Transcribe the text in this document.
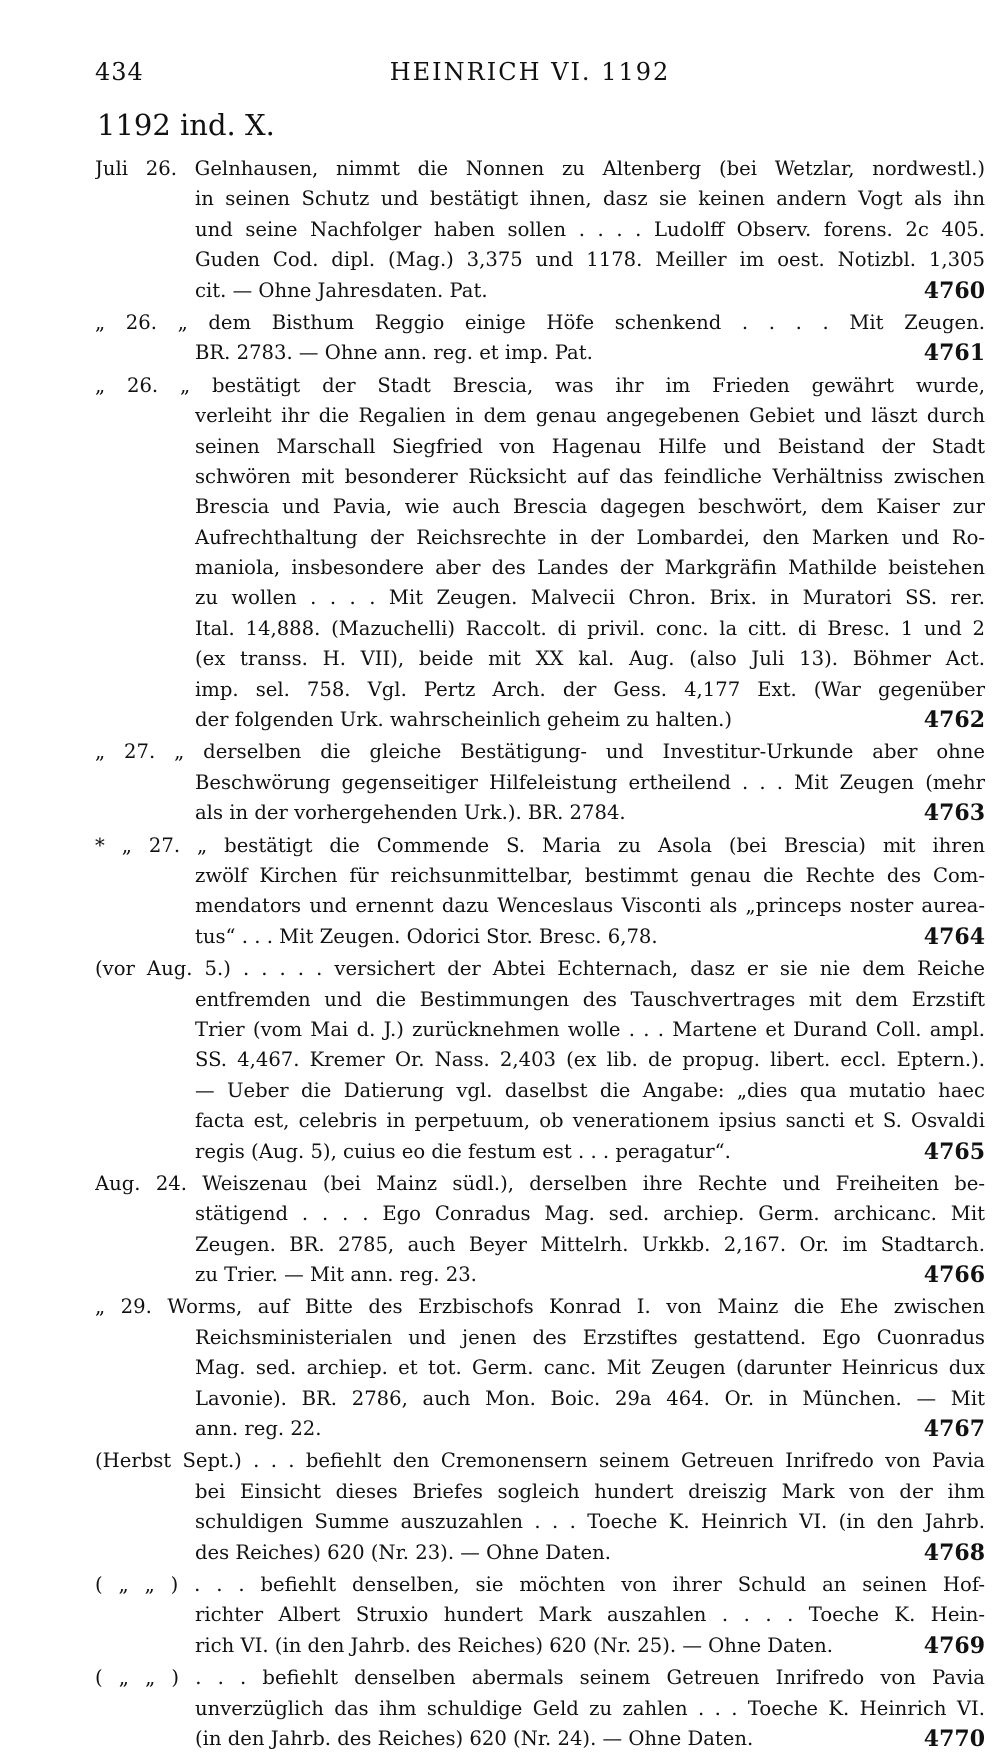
434	HEINRICH VI. 1192
1192 ind. X.
Juli 26. Gelnhausen, nimmt die Nonnen zu Altenberg (bei Wetzlar, nordwestl.)
in seinen Schutz und bestätigt ihnen, dasz sie keinen andern Vogt als ihn
und seine Nachfolger haben sollen . . . . Ludolff Observ. forens. 2c 405.
Guden Cod. dipl. (Mag.) 3,375 und 1178. Meiller im oest. Notizbl. 1,305
cit. — Ohne Jahresdaten. Pat.	4760
„ 26. „ dem Bisthum Reggio einige Höfe schenkend . . . . Mit Zeugen.
BR. 2783. — Ohne ann. reg. et imp. Pat.	4761
„ 26. „ bestätigt der Stadt Brescia, was ihr im Frieden gewährt wurde,
verleiht ihr die Regalien in dem genau angegebenen Gebiet und läszt durch
seinen Marschall Siegfried von Hagenau Hilfe und Beistand der Stadt
schwören mit besonderer Rücksicht auf das feindliche Verhältniss zwischen
Brescia und Pavia, wie auch Brescia dagegen beschwört, dem Kaiser zur
Aufrechthaltung der Reichsrechte in der Lombardei, den Marken und Ro-
maniola, insbesondere aber des Landes der Markgräfin Mathilde beistehen
zu wollen . . . . Mit Zeugen. Malvecii Chron. Brix. in Muratori SS. rer.
Ital. 14,888. (Mazuchelli) Raccolt. di privil. conc. la citt. di Bresc. 1 und 2
(ex transs. H. VII), beide mit XX kal. Aug. (also Juli 13). Böhmer Act.
imp. sel. 758. Vgl. Pertz Arch. der Gess. 4,177 Ext. (War gegenüber
der folgenden Urk. wahrscheinlich geheim zu halten.)	4762
„ 27. „ derselben die gleiche Bestätigung- und Investitur-Urkunde aber ohne
Beschwörung gegenseitiger Hilfeleistung ertheilend . . . Mit Zeugen (mehr
als in der vorhergehenden Urk.). BR. 2784.	4763
* „ 27. „ bestätigt die Commende S. Maria zu Asola (bei Brescia) mit ihren
zwölf Kirchen für reichsunmittelbar, bestimmt genau die Rechte des Com-
mendators und ernennt dazu Wenceslaus Visconti als „princeps noster aurea-
tus“ . . . Mit Zeugen. Odorici Stor. Bresc. 6,78.	4764
(vor Aug. 5.) . . . . . versichert der Abtei Echternach, dasz er sie nie dem Reiche
entfremden und die Bestimmungen des Tauschvertrages mit dem Erzstift
Trier (vom Mai d. J.) zurücknehmen wolle . . . Martene et Durand Coll. ampl.
SS. 4,467. Kremer Or. Nass. 2,403 (ex lib. de propug. libert. eccl. Eptern.).
— Ueber die Datierung vgl. daselbst die Angabe: „dies qua mutatio haec
facta est, celebris in perpetuum, ob venerationem ipsius sancti et S. Osvaldi
regis (Aug. 5), cuius eo die festum est . . . peragatur“.	4765
Aug. 24. Weiszenau (bei Mainz südl.), derselben ihre Rechte und Freiheiten be-
stätigend . . . . Ego Conradus Mag. sed. archiep. Germ. archicanc. Mit
Zeugen. BR. 2785, auch Beyer Mittelrh. Urkkb. 2,167. Or. im Stadtarch.
zu Trier. — Mit ann. reg. 23.	4766
„ 29. Worms, auf Bitte des Erzbischofs Konrad I. von Mainz die Ehe zwischen
Reichsministerialen und jenen des Erzstiftes gestattend. Ego Cuonradus
Mag. sed. archiep. et tot. Germ. canc. Mit Zeugen (darunter Heinricus dux
Lavonie). BR. 2786, auch Mon. Boic. 29a 464. Or. in München. — Mit
ann. reg. 22.	4767
(Herbst Sept.) . . . befiehlt den Cremonensern seinem Getreuen Inrifredo von Pavia
bei Einsicht dieses Briefes sogleich hundert dreiszig Mark von der ihm
schuldigen Summe auszuzahlen . . . Toeche K. Heinrich VI. (in den Jahrb.
des Reiches) 620 (Nr. 23). — Ohne Daten.	4768
( „ „ ) . . . befiehlt denselben, sie möchten von ihrer Schuld an seinen Hof-
richter Albert Struxio hundert Mark auszahlen . . . . Toeche K. Hein-
rich VI. (in den Jahrb. des Reiches) 620 (Nr. 25). — Ohne Daten.	4769
( „ „ ) . . . befiehlt denselben abermals seinem Getreuen Inrifredo von Pavia
unverzüglich das ihm schuldige Geld zu zahlen . . . Toeche K. Heinrich VI.
(in den Jahrb. des Reiches) 620 (Nr. 24). — Ohne Daten.	4770
